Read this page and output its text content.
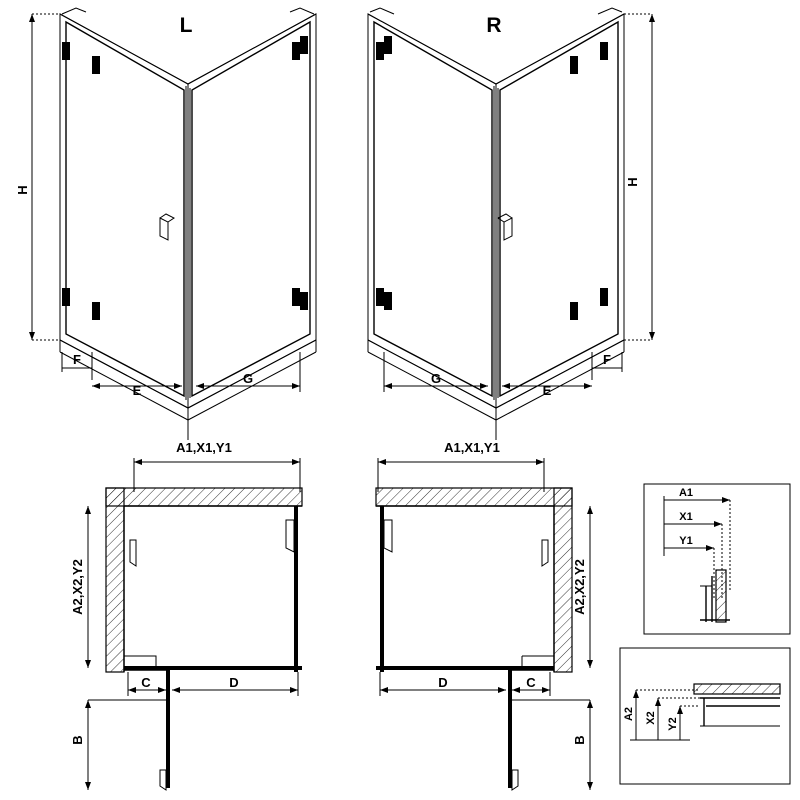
H
F
E
G
L
H
G
E
F
R
A1,X1,Y1
C	D
A2,X2,Y2
B
A1,X1,Y1
D	C
A2,X2,Y2
B
A1
X1
Y1
A2 X2 Y2
